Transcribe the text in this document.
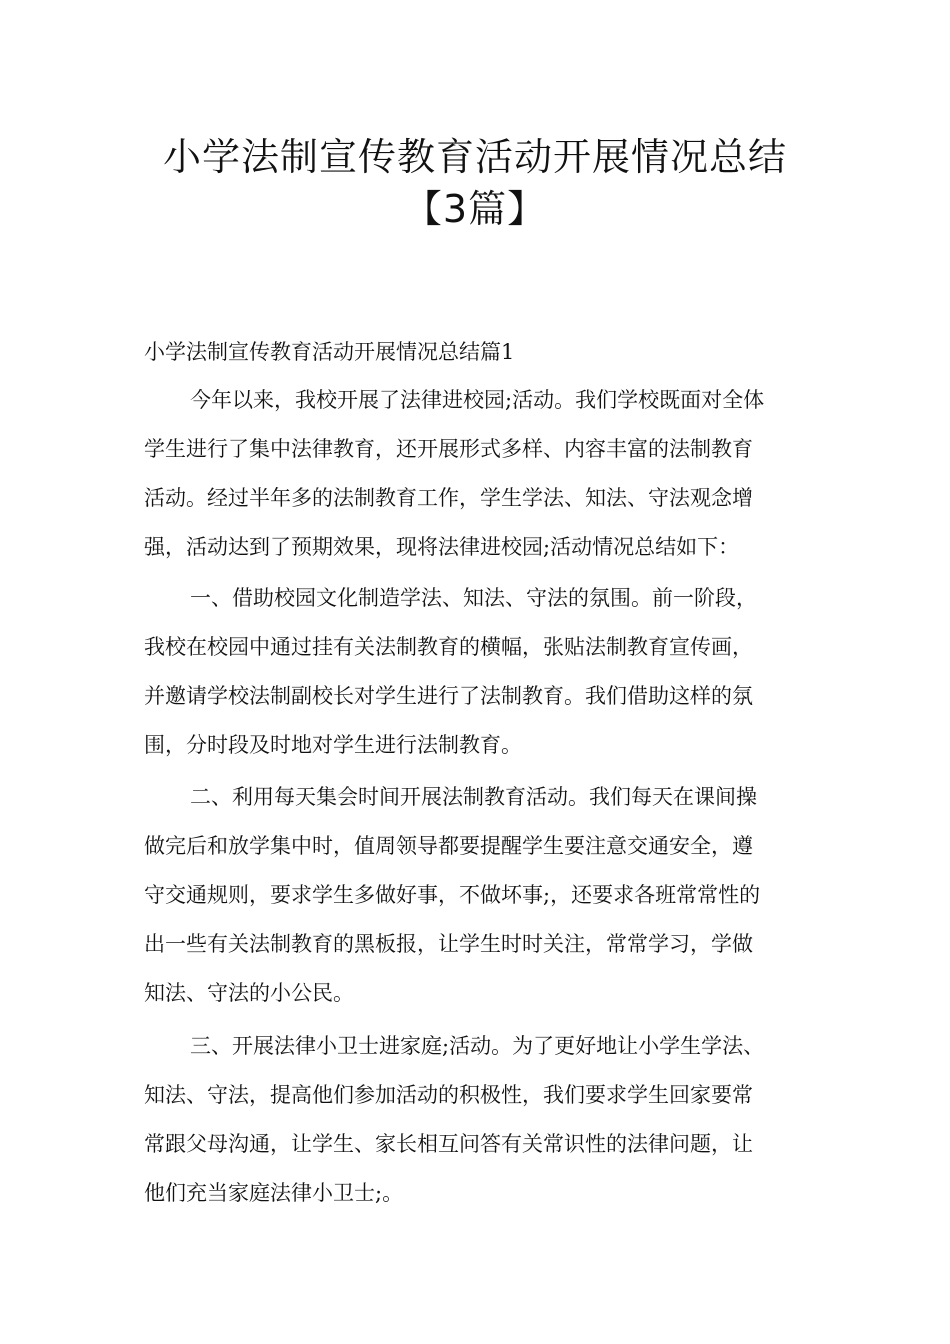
小学法制宣传教育活动开展情况总结
【3篇】
小学法制宣传教育活动开展情况总结篇1
今年以来，我校开展了法律进校园;活动。我们学校既面对全体
学生进行了集中法律教育，还开展形式多样、内容丰富的法制教育
活动。经过半年多的法制教育工作，学生学法、知法、守法观念增
强，活动达到了预期效果，现将法律进校园;活动情况总结如下：
一、借助校园文化制造学法、知法、守法的氛围。前一阶段，
我校在校园中通过挂有关法制教育的横幅，张贴法制教育宣传画，
并邀请学校法制副校长对学生进行了法制教育。我们借助这样的氛
围，分时段及时地对学生进行法制教育。
二、利用每天集会时间开展法制教育活动。我们每天在课间操
做完后和放学集中时，值周领导都要提醒学生要注意交通安全，遵
守交通规则，要求学生多做好事，不做坏事;，还要求各班常常性的
出一些有关法制教育的黑板报，让学生时时关注，常常学习，学做
知法、守法的小公民。
三、开展法律小卫士进家庭;活动。为了更好地让小学生学法、
知法、守法，提高他们参加活动的积极性，我们要求学生回家要常
常跟父母沟通，让学生、家长相互问答有关常识性的法律问题，让
他们充当家庭法律小卫士;。
